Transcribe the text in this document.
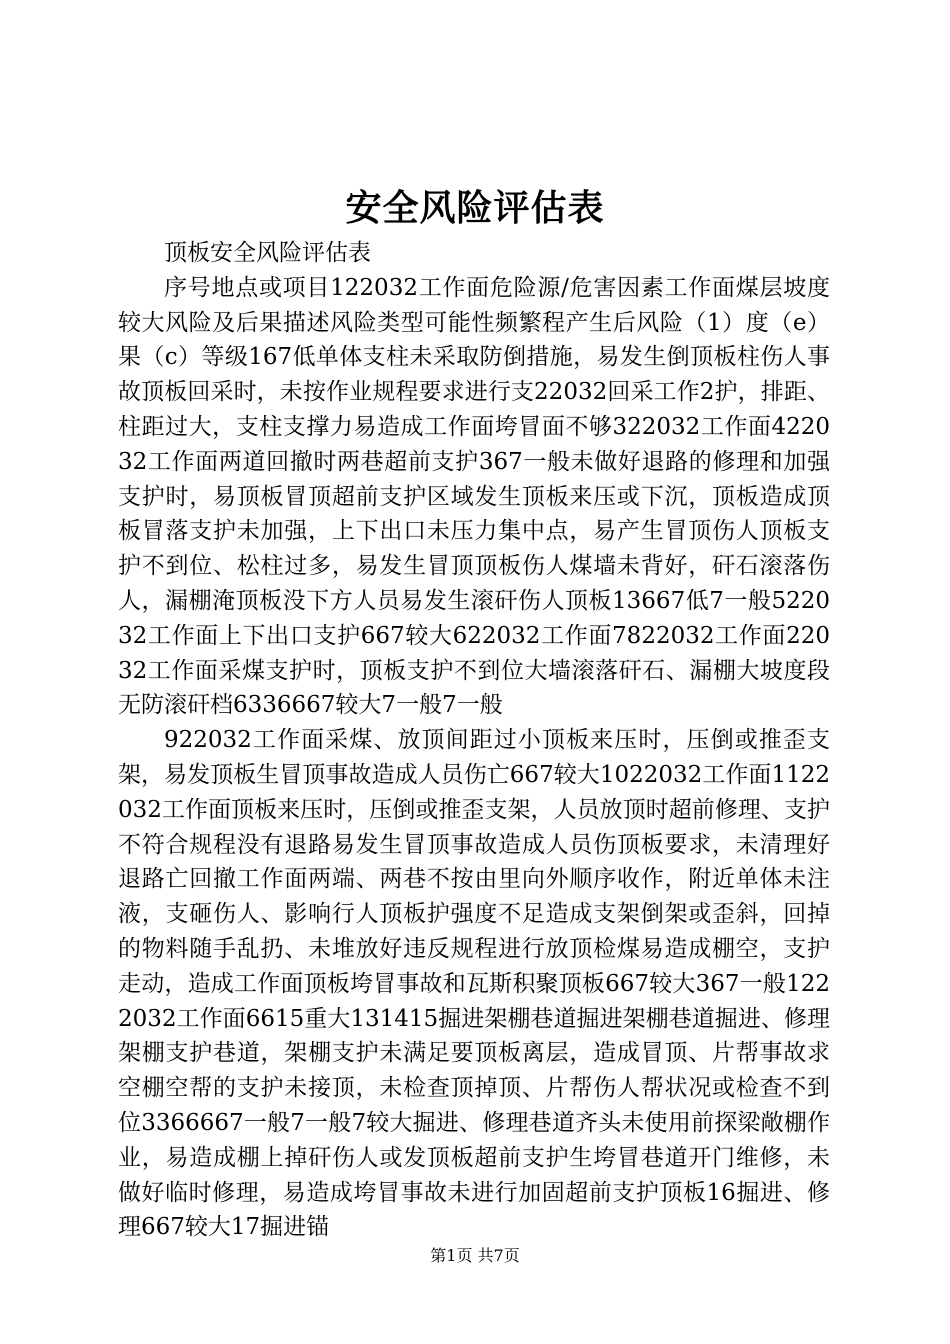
安全风险评估表

顶板安全风险评估表

序号地点或项目122032工作面危险源/危害因素工作面煤层坡度较大风险及后果描述风险类型可能性频繁程产生后风险（1）度（e）果（c）等级167低单体支柱未采取防倒措施，易发生倒顶板柱伤人事故顶板回采时，未按作业规程要求进行支22032回采工作2护，排距、柱距过大，支柱支撑力易造成工作面垮冒面不够322032工作面422032工作面两道回撤时两巷超前支护367一般未做好退路的修理和加强支护时，易顶板冒顶超前支护区域发生顶板来压或下沉，顶板造成顶板冒落支护未加强，上下出口未压力集中点，易产生冒顶伤人顶板支护不到位、松柱过多，易发生冒顶顶板伤人煤墙未背好，矸石滚落伤人，漏棚淹顶板没下方人员易发生滚矸伤人顶板13667低7一般522032工作面上下出口支护667较大622032工作面7822032工作面22032工作面采煤支护时，顶板支护不到位大墙滚落矸石、漏棚大坡度段无防滚矸档6336667较大7一般7一般

922032工作面采煤、放顶间距过小顶板来压时，压倒或推歪支架，易发顶板生冒顶事故造成人员伤亡667较大1022032工作面1122032工作面顶板来压时，压倒或推歪支架，人员放顶时超前修理、支护不符合规程没有退路易发生冒顶事故造成人员伤顶板要求，未清理好退路亡回撤工作面两端、两巷不按由里向外顺序收作，附近单体未注液，支砸伤人、影响行人顶板护强度不足造成支架倒架或歪斜，回掉的物料随手乱扔、未堆放好违反规程进行放顶检煤易造成棚空，支护走动，造成工作面顶板垮冒事故和瓦斯积聚顶板667较大367一般1222032工作面6615重大131415掘进架棚巷道掘进架棚巷道掘进、修理架棚支护巷道，架棚支护未满足要顶板离层，造成冒顶、片帮事故求空棚空帮的支护未接顶，未检查顶掉顶、片帮伤人帮状况或检查不到位3366667一般7一般7较大掘进、修理巷道齐头未使用前探梁敞棚作业，易造成棚上掉矸伤人或发顶板超前支护生垮冒巷道开门维修，未做好临时修理，易造成垮冒事故未进行加固超前支护顶板16掘进、修理667较大17掘进锚

第1页 共7页
